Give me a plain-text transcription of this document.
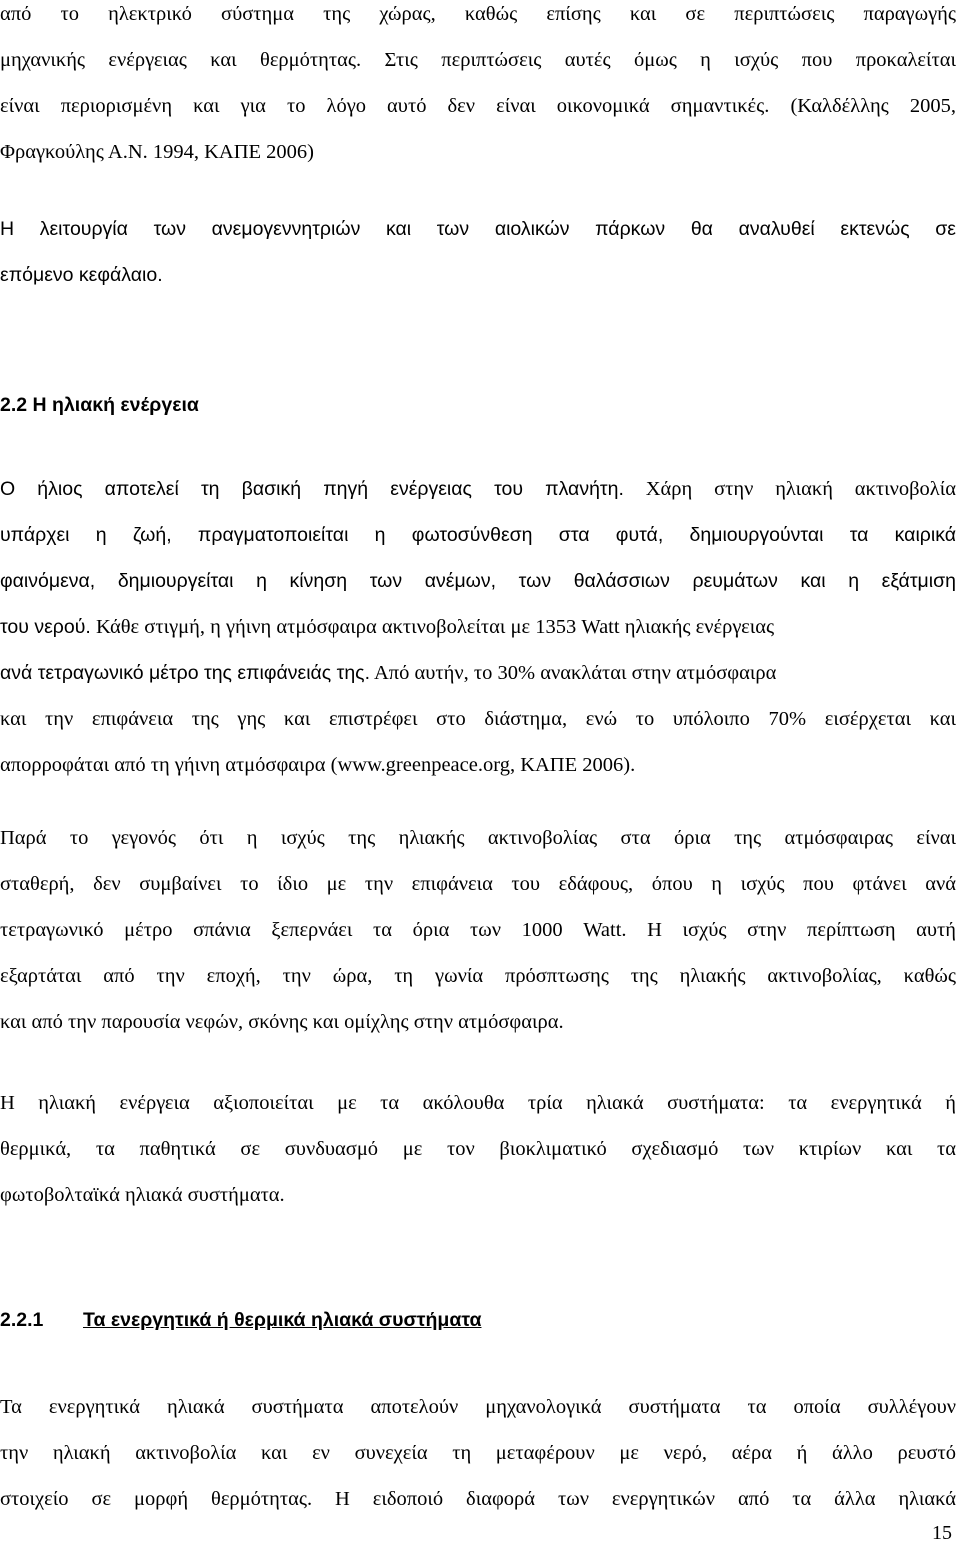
από το ηλεκτρικό σύστημα της χώρας, καθώς επίσης και σε περιπτώσεις παραγωγής
μηχανικής ενέργειας και θερμότητας. Στις περιπτώσεις αυτές όμως η ισχύς που προκαλείται
είναι περιορισμένη και για το λόγο αυτό δεν είναι οικονομικά σημαντικές. (Καλδέλλης 2005,
Φραγκούλης Α.Ν. 1994, ΚΑΠΕ 2006)
Η λειτουργία των ανεμογεννητριών και των αιολικών πάρκων θα αναλυθεί εκτενώς σε
επόμενο κεφάλαιο.
2.2 Η ηλιακή ενέργεια
Ο ήλιος αποτελεί τη βασική πηγή ενέργειας του πλανήτη. Χάρη στην ηλιακή ακτινοβολία
υπάρχει η ζωή, πραγματοποιείται η φωτοσύνθεση στα φυτά, δημιουργούνται τα καιρικά
φαινόμενα, δημιουργείται η κίνηση των ανέμων, των θαλάσσιων ρευμάτων και η εξάτμιση
του νερού. Κάθε στιγμή, η γήινη ατμόσφαιρα ακτινοβολείται με 1353 Watt ηλιακής ενέργειας
ανά τετραγωνικό μέτρο της επιφάνειάς της. Από αυτήν, το 30% ανακλάται στην ατμόσφαιρα
και την επιφάνεια της γης και επιστρέφει στο διάστημα, ενώ το υπόλοιπο 70% εισέρχεται και
απορροφάται από τη γήινη ατμόσφαιρα (www.greenpeace.org, ΚΑΠΕ 2006).
Παρά το γεγονός ότι η ισχύς της ηλιακής ακτινοβολίας στα όρια της ατμόσφαιρας είναι
σταθερή, δεν συμβαίνει το ίδιο με την επιφάνεια του εδάφους, όπου η ισχύς που φτάνει ανά
τετραγωνικό μέτρο σπάνια ξεπερνάει τα όρια των 1000 Watt. Η ισχύς στην περίπτωση αυτή
εξαρτάται από την εποχή, την ώρα, τη γωνία πρόσπτωσης της ηλιακής ακτινοβολίας, καθώς
και από την παρουσία νεφών, σκόνης και ομίχλης στην ατμόσφαιρα.
Η ηλιακή ενέργεια αξιοποιείται με τα ακόλουθα τρία ηλιακά συστήματα: τα ενεργητικά ή
θερμικά, τα παθητικά σε συνδυασμό με τον βιοκλιματικό σχεδιασμό των κτιρίων και τα
φωτοβολταϊκά ηλιακά συστήματα.
2.2.1 Τα ενεργητικά ή θερμικά ηλιακά συστήματα
Τα ενεργητικά ηλιακά συστήματα αποτελούν μηχανολογικά συστήματα τα οποία συλλέγουν
την ηλιακή ακτινοβολία και εν συνεχεία τη μεταφέρουν με νερό, αέρα ή άλλο ρευστό
στοιχείο σε μορφή θερμότητας. Η ειδοποιό διαφορά των ενεργητικών από τα άλλα ηλιακά
15
